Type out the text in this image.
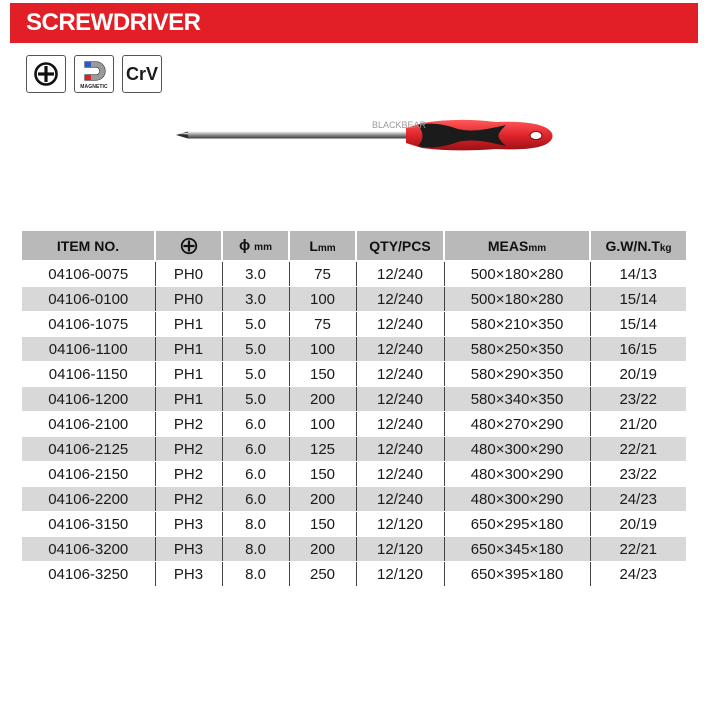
SCREWDRIVER
MAGNETIC
CrV
BLACKBEAR
ITEM NO.		ϕ mm	Lmm	QTY/PCS	MEASmm	G.W/N.Tkg
04106-0075	PH0	3.0	75	12/240	500×180×280	14/13
04106-0100	PH0	3.0	100	12/240	500×180×280	15/14
04106-1075	PH1	5.0	75	12/240	580×210×350	15/14
04106-1100	PH1	5.0	100	12/240	580×250×350	16/15
04106-1150	PH1	5.0	150	12/240	580×290×350	20/19
04106-1200	PH1	5.0	200	12/240	580×340×350	23/22
04106-2100	PH2	6.0	100	12/240	480×270×290	21/20
04106-2125	PH2	6.0	125	12/240	480×300×290	22/21
04106-2150	PH2	6.0	150	12/240	480×300×290	23/22
04106-2200	PH2	6.0	200	12/240	480×300×290	24/23
04106-3150	PH3	8.0	150	12/120	650×295×180	20/19
04106-3200	PH3	8.0	200	12/120	650×345×180	22/21
04106-3250	PH3	8.0	250	12/120	650×395×180	24/23
